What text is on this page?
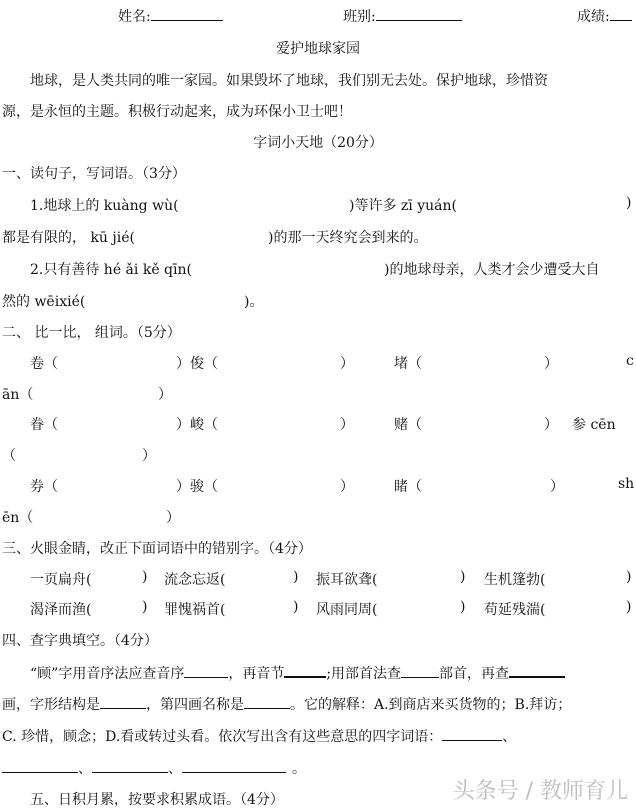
姓名:	班别:	成绩:
爱护地球家园
地球，是人类共同的唯一家园。如果毁坏了地球，我们别无去处。保护地球，珍惜资
源，是永恒的主题。积极行动起来，成为环保小卫士吧！
字词小天地（20分）
一、读句子，写词语。（3分）
1.地球上的 kuàng wù(	)等许多 zī yuán(	)
都是有限的， kū jié(	)的那一天终究会到来的。
2.只有善待 hé ǎi kě qīn(	)的地球母亲，人类才会少遭受大自
然的 wēixié(	)。
二、 比一比， 组词。（5分）
卷（	）俊（	）	堵（	）	c
ān（	）
眷（	）峻（	）	赌（	） 参 cēn
（	）
券（	）骏（	）	睹（	）	sh
ēn（	）
三、火眼金睛，改正下面词语中的错别字。（4分）
一页扁舟(	) 流念忘返(	) 振耳欲聋(	) 生机篷勃(	)
渴泽而渔(	) 罪愧祸首(	) 风雨同周(	) 苟延残湍(	)
四、查字典填空。（4分）
“顾”字用音序法应查音序	，再音节	;用部首法查	部首，再查
画，字形结构是	，第四画名称是	。它的解释：A.到商店来买货物的；B.拜访；
C. 珍惜，顾念；D.看或转过头看。依次写出含有这些意思的四字词语：	、
、	、	。
五、日积月累，按要求积累成语。（4分）	头条号 / 教师育儿
